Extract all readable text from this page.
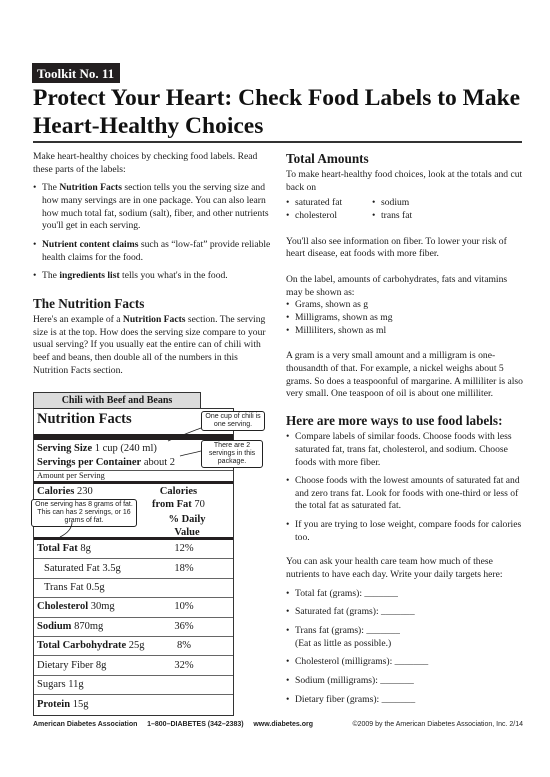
Toolkit No. 11
Protect Your Heart: Check Food Labels to Make Heart-Healthy Choices

Make heart-healthy choices by checking food labels. Read these parts of the labels:

• The Nutrition Facts section tells you the serving size and how many servings are in one package. You can also learn how much total fat, sodium (salt), fiber, and other nutrients you'll get in each serving.

• Nutrient content claims such as “low-fat” provide reliable health claims for the food.

• The ingredients list tells you what's in the food.

The Nutrition Facts

Here's an example of a Nutrition Facts section. The serving size is at the top. How does the serving size compare to your usual serving? If you usually eat the entire can of chili with beef and beans, then double all of the numbers in this Nutrition Facts section.

Chili with Beef and Beans
Nutrition Facts
Serving Size 1 cup (240 ml)
Servings per Container about 2
Amount per Serving
Calories 230	Calories
from Fat 70
% Daily
Value
Total Fat 8g	12%
Saturated Fat 3.5g	18%
Trans Fat 0.5g
Cholesterol 30mg	10%
Sodium 870mg	36%
Total Carbohydrate 25g	8%
Dietary Fiber 8g	32%
Sugars 11g
Protein 15g
One cup of chili is one serving.
There are 2 servings in this package.
One serving has 8 grams of fat. This can has 2 servings, or 16 grams of fat.
Total Amounts

To make heart-healthy food choices, look at the totals and cut back on

• saturated fat

• cholesterol

• sodium

• trans fat

You'll also see information on fiber. To lower your risk of heart disease, eat foods with more fiber.

On the label, amounts of carbohydrates, fats and vitamins may be shown as:

• Grams, shown as g

• Milligrams, shown as mg

• Milliliters, shown as ml

A gram is a very small amount and a milligram is one-thousandth of that. For example, a nickel weighs about 5 grams. So does a teaspoonful of margarine. A milliliter is also very small. One teaspoon of oil is about one milliliter.

Here are more ways to use food labels:

• Compare labels of similar foods. Choose foods with less saturated fat, trans fat, cholesterol, and sodium. Choose foods with more fiber.

• Choose foods with the lowest amounts of saturated fat and and zero trans fat. Look for foods with one-third or less of the total fat as saturated fat.

• If you are trying to lose weight, compare foods for calories too.

You can ask your health care team how much of these nutrients to have each day. Write your daily targets here:

• Total fat (grams): _______

• Saturated fat (grams): _______

• Trans fat (grams): _______

(Eat as little as possible.)

• Cholesterol (milligrams): _______

• Sodium (milligrams): _______

• Dietary fiber (grams): _______

American Diabetes Association     1–800–DIABETES (342–2383)     www.diabetes.org	©2009 by the American Diabetes Association, Inc. 2/14
